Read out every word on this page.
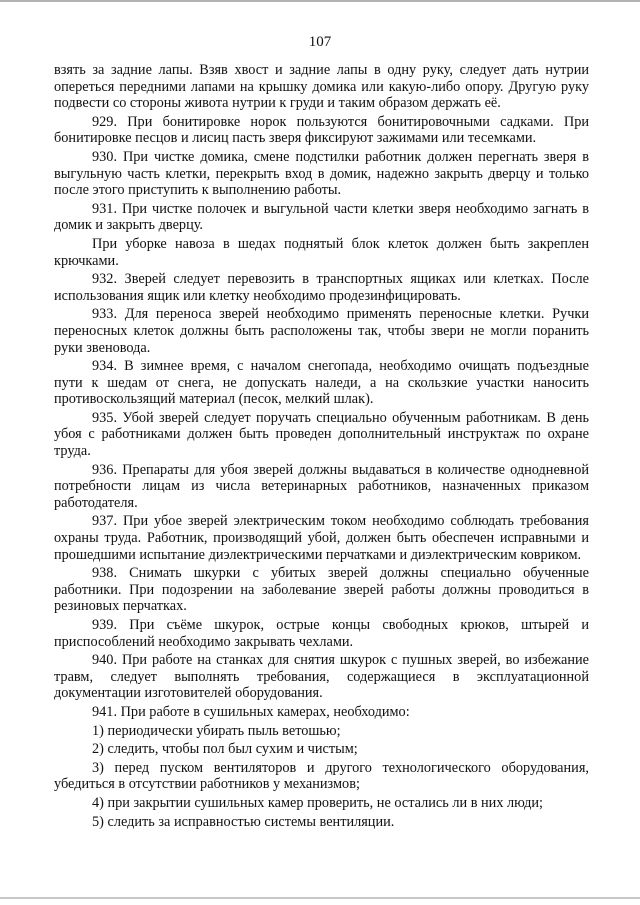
107

взять за задние лапы. Взяв хвост и задние лапы в одну руку, следует дать нутрии опереться передними лапами на крышку домика или какую-либо опору. Другую руку подвести со стороны живота нутрии к груди и таким образом держать её.

929. При бонитировке норок пользуются бонитировочными садками. При бонитировке песцов и лисиц пасть зверя фиксируют зажимами или тесемками.

930. При чистке домика, смене подстилки работник должен перегнать зверя в выгульную часть клетки, перекрыть вход в домик, надежно закрыть дверцу и только после этого приступить к выполнению работы.

931. При чистке полочек и выгульной части клетки зверя необходимо загнать в домик и закрыть дверцу.

При уборке навоза в шедах поднятый блок клеток должен быть закреплен крючками.

932. Зверей следует перевозить в транспортных ящиках или клетках. После использования ящик или клетку необходимо продезинфицировать.

933. Для переноса зверей необходимо применять переносные клетки. Ручки переносных клеток должны быть расположены так, чтобы звери не могли поранить руки звеновода.

934. В зимнее время, с началом снегопада, необходимо очищать подъездные пути к шедам от снега, не допускать наледи, а на скользкие участки наносить противоскользящий материал (песок, мелкий шлак).

935. Убой зверей следует поручать специально обученным работникам. В день убоя с работниками должен быть проведен дополнительный инструктаж по охране труда.

936. Препараты для убоя зверей должны выдаваться в количестве однодневной потребности лицам из числа ветеринарных работников, назначенных приказом работодателя.

937. При убое зверей электрическим током необходимо соблюдать требования охраны труда. Работник, производящий убой, должен быть обеспечен исправными и прошедшими испытание диэлектрическими перчатками и диэлектрическим ковриком.

938. Снимать шкурки с убитых зверей должны специально обученные работники. При подозрении на заболевание зверей работы должны проводиться в резиновых перчатках.

939. При съёме шкурок, острые концы свободных крюков, штырей и приспособлений необходимо закрывать чехлами.

940. При работе на станках для снятия шкурок с пушных зверей, во избежание травм, следует выполнять требования, содержащиеся в эксплуатационной документации изготовителей оборудования.

941. При работе в сушильных камерах, необходимо:

1) периодически убирать пыль ветошью;

2) следить, чтобы пол был сухим и чистым;

3) перед пуском вентиляторов и другого технологического оборудования, убедиться в отсутствии работников у механизмов;

4) при закрытии сушильных камер проверить, не остались ли в них люди;

5) следить за исправностью системы вентиляции.
